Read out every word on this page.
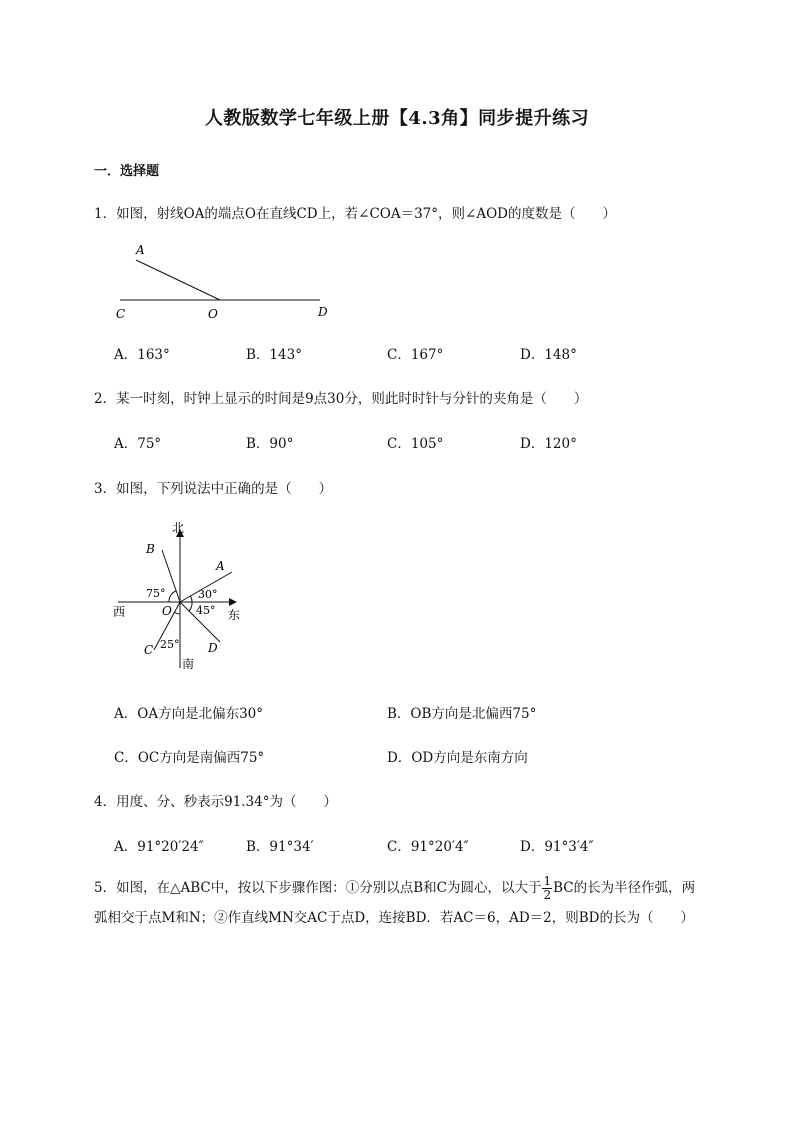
人教版数学七年级上册【4.3角】同步提升练习
一．选择题
1．如图，射线OA的端点O在直线CD上，若∠COA＝37°，则∠AOD的度数是（　　）
A
C	O	D
A．163°	B．143°	C．167°	D．148°
2．某一时刻，时钟上显示的时间是9点30分，则此时时针与分针的夹角是（　　）
A．75°	B．90°	C．105°	D．120°
3．如图，下列说法中正确的是（　　）
北
南
西	东
A
B
C	D
O
30°
75°
45°
25°
A．OA方向是北偏东30°	B．OB方向是北偏西75°
C．OC方向是南偏西75°	D．OD方向是东南方向
4．用度、分、秒表示91.34°为（　　）
A．91°20′24″	B．91°34′	C．91°20′4″	D．91°3′4″
5．如图，在△ABC中，按以下步骤作图：①分别以点B和C为圆心，以大于 $\frac{1}{2}$ BC的长为半径作弧，两弧相交于点M和N；②作直线MN交AC于点D，连接BD．若AC＝6，AD＝2，则BD的长为（　　）
